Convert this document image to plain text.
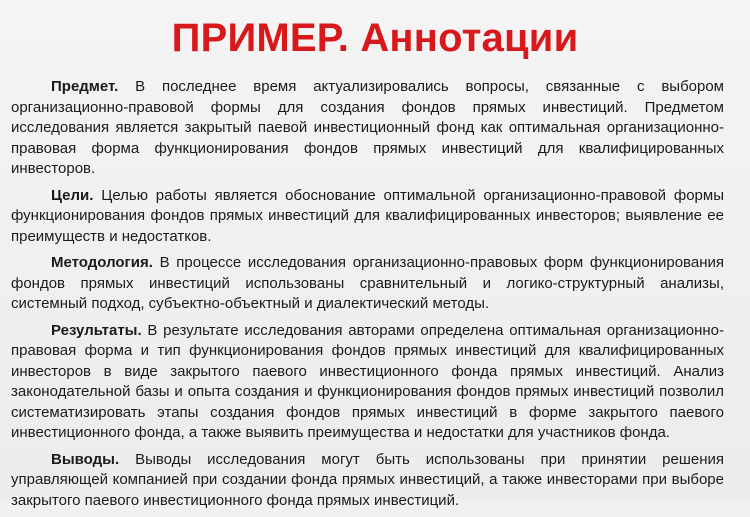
ПРИМЕР. Аннотации

Предмет. В последнее время актуализировались вопросы, связанные с выбором организационно-правовой формы для создания фондов прямых инвестиций. Предметом исследования является закрытый паевой инвестиционный фонд как оптимальная организационно-правовая форма функционирования фондов прямых инвестиций для квалифицированных инвесторов.

Цели. Целью работы является обоснование оптимальной организационно-правовой формы функционирования фондов прямых инвестиций для квалифицированных инвесторов; выявление ее преимуществ и недостатков.

Методология. В процессе исследования организационно-правовых форм функционирования фондов прямых инвестиций использованы сравнительный и логико-структурный анализы, системный подход, субъектно-объектный и диалектический методы.

Результаты. В результате исследования авторами определена оптимальная организационно-правовая форма и тип функционирования фондов прямых инвестиций для квалифицированных инвесторов в виде закрытого паевого инвестиционного фонда прямых инвестиций. Анализ законодательной базы и опыта создания и функционирования фондов прямых инвестиций позволил систематизировать этапы создания фондов прямых инвестиций в форме закрытого паевого инвестиционного фонда, а также выявить преимущества и недостатки для участников фонда.

Выводы. Выводы исследования могут быть использованы при принятии решения управляющей компанией при создании фонда прямых инвестиций, а также инвесторами при выборе закрытого паевого инвестиционного фонда прямых инвестиций.
